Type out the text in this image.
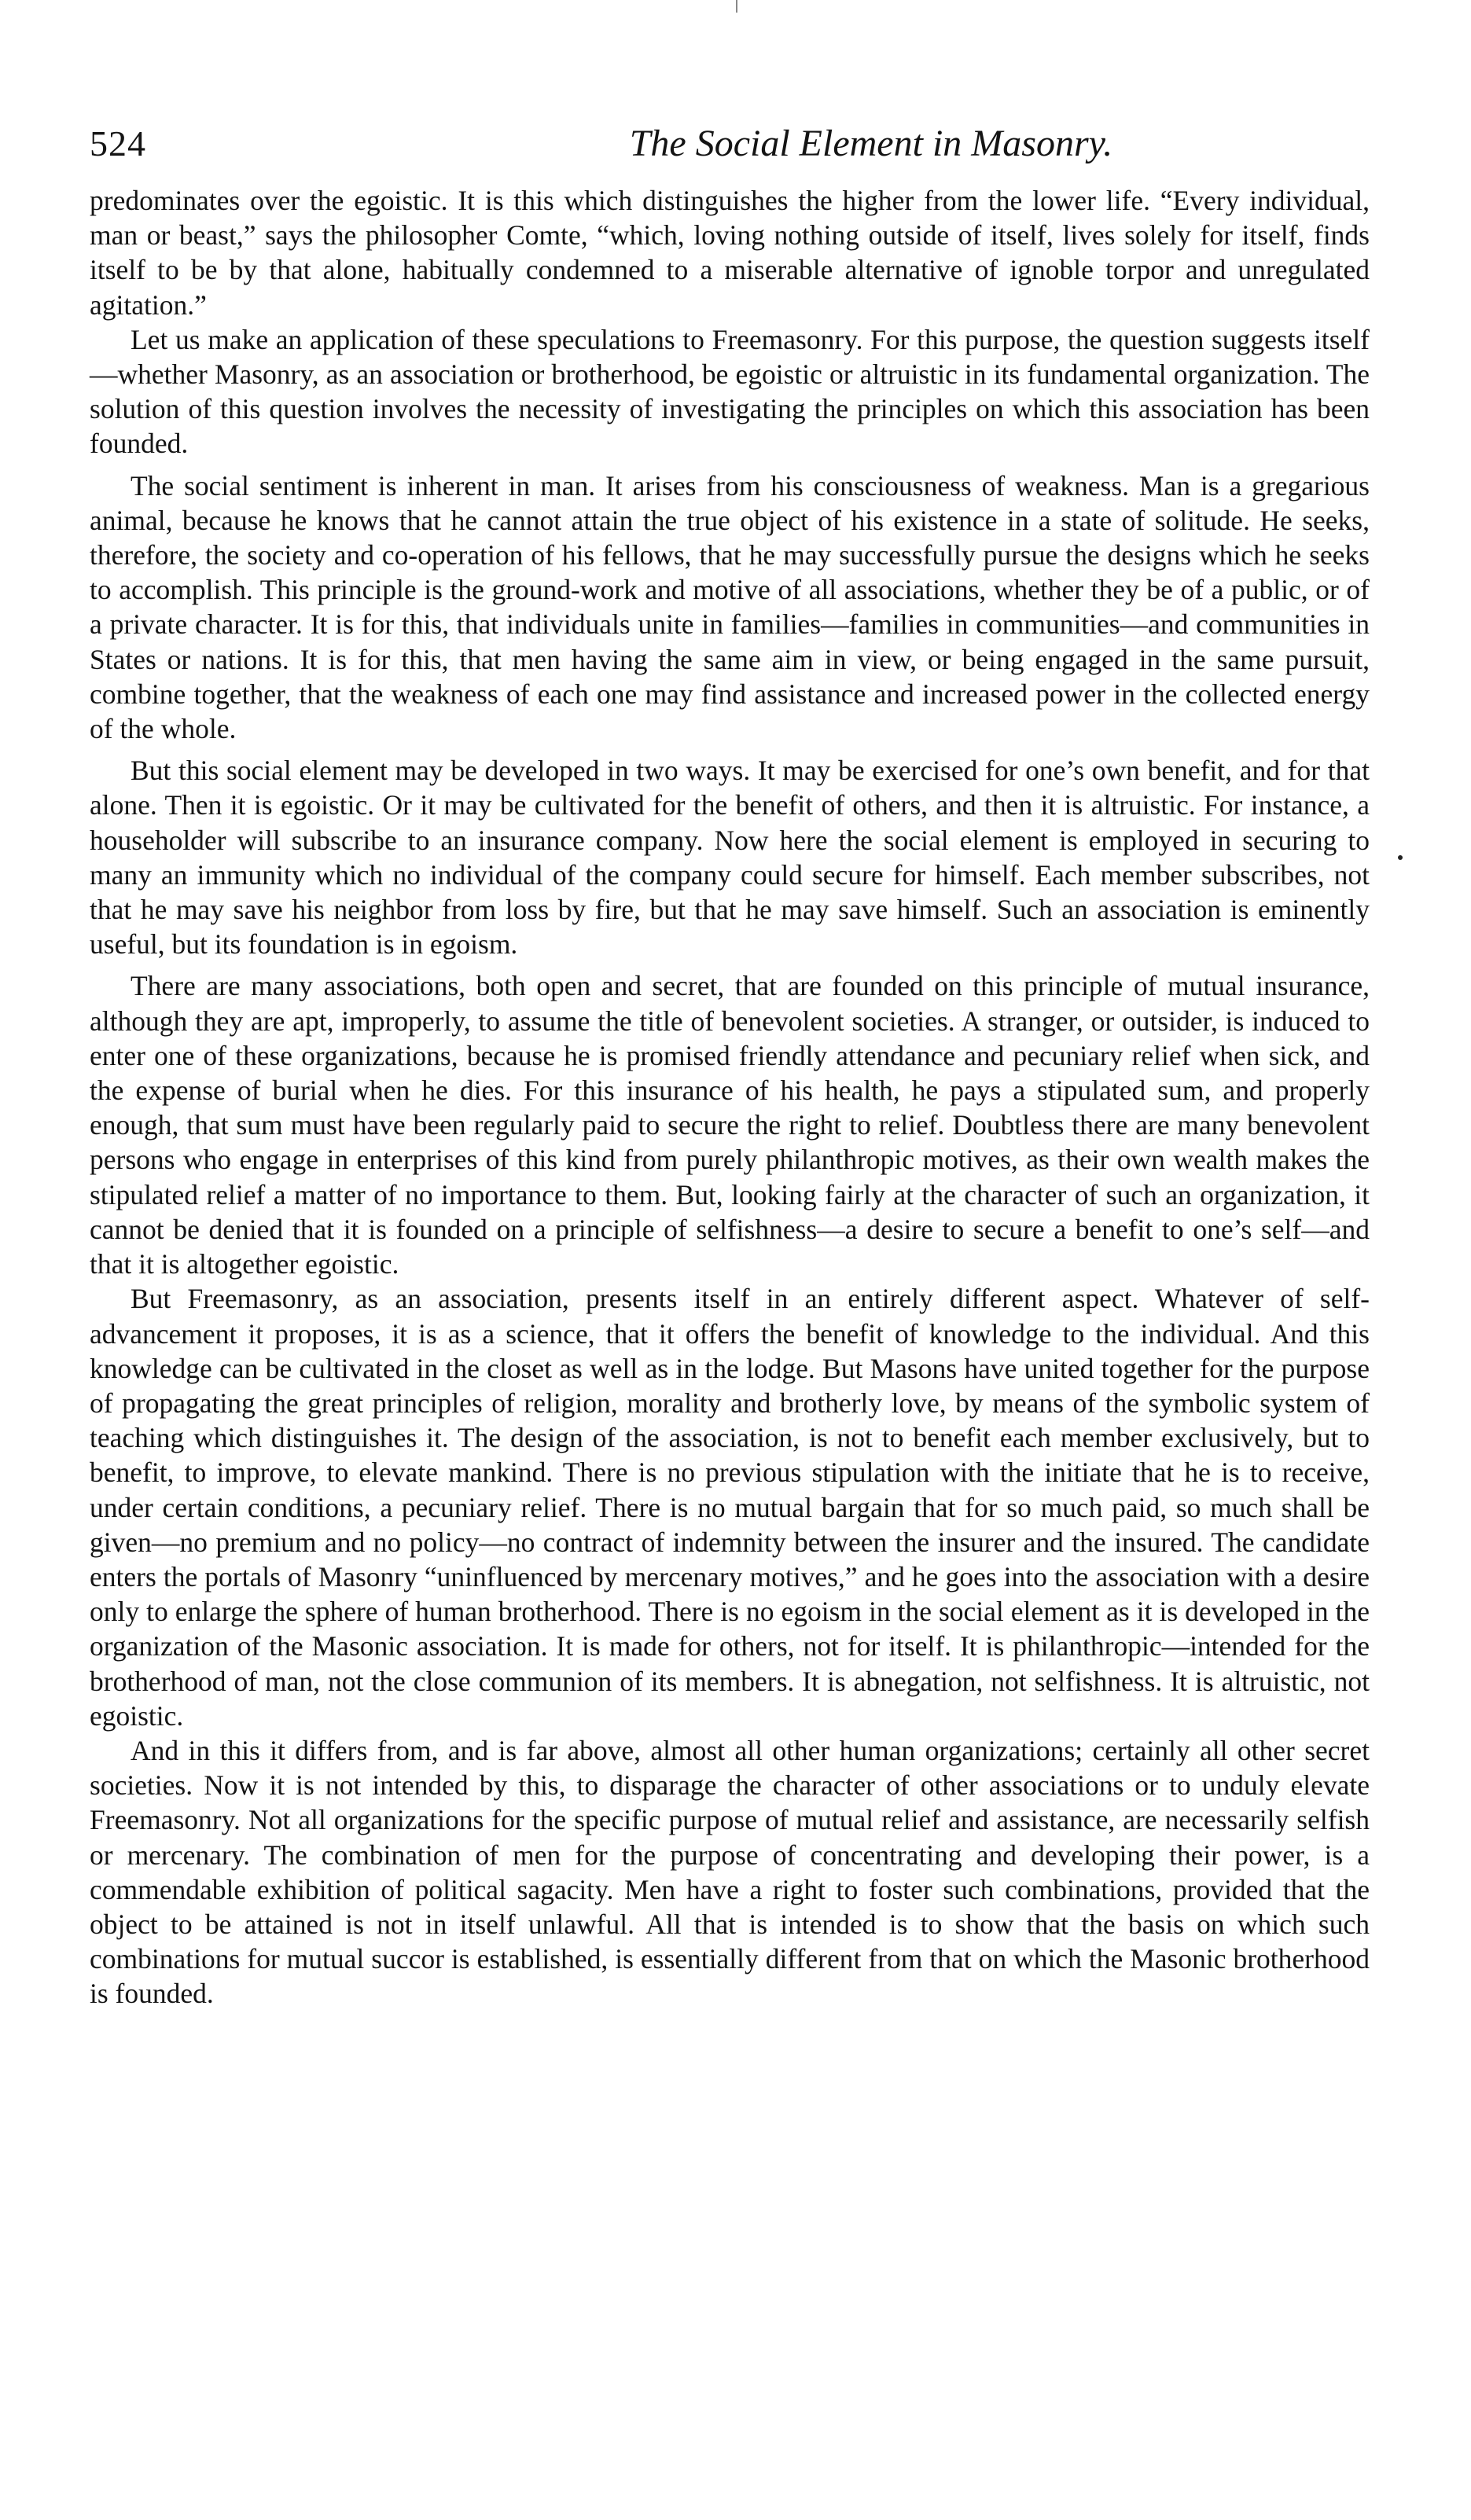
524	The Social Element in Masonry.

predominates over the egoistic. It is this which distinguishes the higher from the lower life. “Every individual, man or beast,” says the philosopher Comte, “which, loving nothing outside of itself, lives solely for itself, finds itself to be by that alone, habitually condemned to a miserable alternative of ignoble torpor and unregulated agitation.”

Let us make an application of these speculations to Freemasonry. For this purpose, the question suggests itself—whether Masonry, as an association or brotherhood, be egoistic or altruistic in its fundamental organization. The solution of this question involves the necessity of investigating the principles on which this association has been founded.

The social sentiment is inherent in man. It arises from his consciousness of weakness. Man is a gregarious animal, because he knows that he cannot attain the true object of his existence in a state of solitude. He seeks, therefore, the society and co-operation of his fellows, that he may successfully pursue the designs which he seeks to accomplish. This principle is the ground-work and motive of all associations, whether they be of a public, or of a private character. It is for this, that individuals unite in families—families in communities—and communities in States or nations. It is for this, that men having the same aim in view, or being engaged in the same pursuit, combine together, that the weakness of each one may find assistance and increased power in the collected energy of the whole.

But this social element may be developed in two ways. It may be exercised for one’s own benefit, and for that alone. Then it is egoistic. Or it may be cultivated for the benefit of others, and then it is altruistic. For instance, a householder will subscribe to an insurance company. Now here the social element is employed in securing to many an immunity which no individual of the company could secure for himself. Each member subscribes, not that he may save his neighbor from loss by fire, but that he may save himself. Such an association is eminently useful, but its foundation is in egoism.

There are many associations, both open and secret, that are founded on this principle of mutual insurance, although they are apt, improperly, to assume the title of benevolent societies. A stranger, or outsider, is induced to enter one of these organizations, because he is promised friendly attendance and pecuniary relief when sick, and the expense of burial when he dies. For this insurance of his health, he pays a stipulated sum, and properly enough, that sum must have been regularly paid to secure the right to relief. Doubtless there are many benevolent persons who engage in enterprises of this kind from purely philanthropic motives, as their own wealth makes the stipulated relief a matter of no importance to them. But, looking fairly at the character of such an organization, it cannot be denied that it is founded on a principle of selfishness—a desire to secure a benefit to one’s self—and that it is altogether egoistic.

But Freemasonry, as an association, presents itself in an entirely different aspect. Whatever of self-advancement it proposes, it is as a science, that it offers the benefit of knowledge to the individual. And this knowledge can be cultivated in the closet as well as in the lodge. But Masons have united together for the purpose of propagating the great principles of religion, morality and brotherly love, by means of the symbolic system of teaching which distinguishes it. The design of the association, is not to benefit each member exclusively, but to benefit, to improve, to elevate mankind. There is no previous stipulation with the initiate that he is to receive, under certain conditions, a pecuniary relief. There is no mutual bargain that for so much paid, so much shall be given—no premium and no policy—no contract of indemnity between the insurer and the insured. The candidate enters the portals of Masonry “uninfluenced by mercenary motives,” and he goes into the association with a desire only to enlarge the sphere of human brotherhood. There is no egoism in the social element as it is developed in the organization of the Masonic association. It is made for others, not for itself. It is philanthropic—intended for the brotherhood of man, not the close communion of its members. It is abnegation, not selfishness. It is altruistic, not egoistic.

And in this it differs from, and is far above, almost all other human organizations; certainly all other secret societies. Now it is not intended by this, to disparage the character of other associations or to unduly elevate Freemasonry. Not all organizations for the specific purpose of mutual relief and assistance, are necessarily selfish or mercenary. The combination of men for the purpose of concentrating and developing their power, is a commendable exhibition of political sagacity. Men have a right to foster such combinations, provided that the object to be attained is not in itself unlawful. All that is intended is to show that the basis on which such combinations for mutual succor is established, is essentially different from that on which the Masonic brotherhood is founded.
